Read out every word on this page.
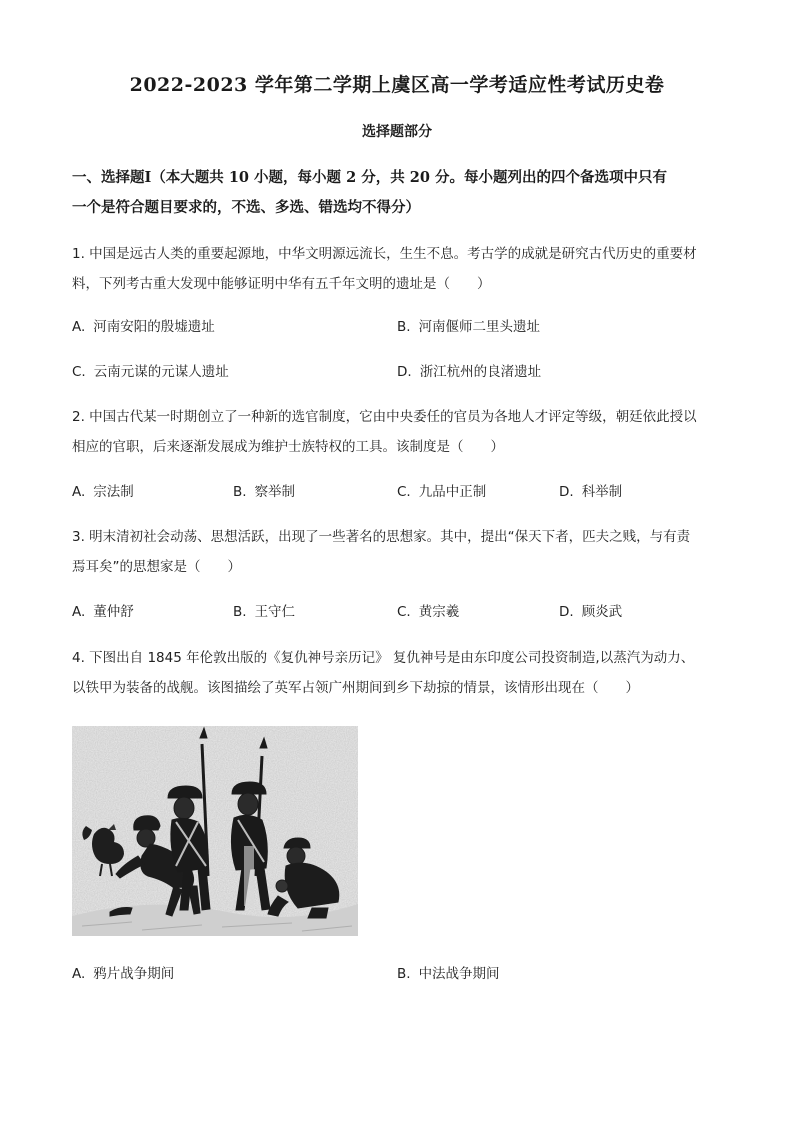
2022-2023 学年第二学期上虞区高一学考适应性考试历史卷
选择题部分
一、选择题Ⅰ（本大题共 10 小题，每小题 2 分，共 20 分。每小题列出的四个备选项中只有
一个是符合题目要求的，不选、多选、错选均不得分）
1. 中国是远古人类的重要起源地，中华文明源远流长，生生不息。考古学的成就是研究古代历史的重要材
料，下列考古重大发现中能够证明中华有五千年文明的遗址是（　　）
A. 河南安阳的殷墟遗址	B. 河南偃师二里头遗址
C. 云南元谋的元谋人遗址	D. 浙江杭州的良渚遗址
2. 中国古代某一时期创立了一种新的选官制度，它由中央委任的官员为各地人才评定等级，朝廷依此授以
相应的官职，后来逐渐发展成为维护士族特权的工具。该制度是（　　）
A. 宗法制	B. 察举制	C. 九品中正制	D. 科举制
3. 明末清初社会动荡、思想活跃，出现了一些著名的思想家。其中，提出“保天下者，匹夫之贱，与有责
焉耳矣”的思想家是（　　）
A. 董仲舒	B. 王守仁	C. 黄宗羲	D. 顾炎武
4. 下图出自 1845 年伦敦出版的《复仇神号亲历记》 复仇神号是由东印度公司投资制造,以蒸汽为动力、
以铁甲为装备的战舰。该图描绘了英军占领广州期间到乡下劫掠的情景，该情形出现在（　　）
A. 鸦片战争期间	B. 中法战争期间
